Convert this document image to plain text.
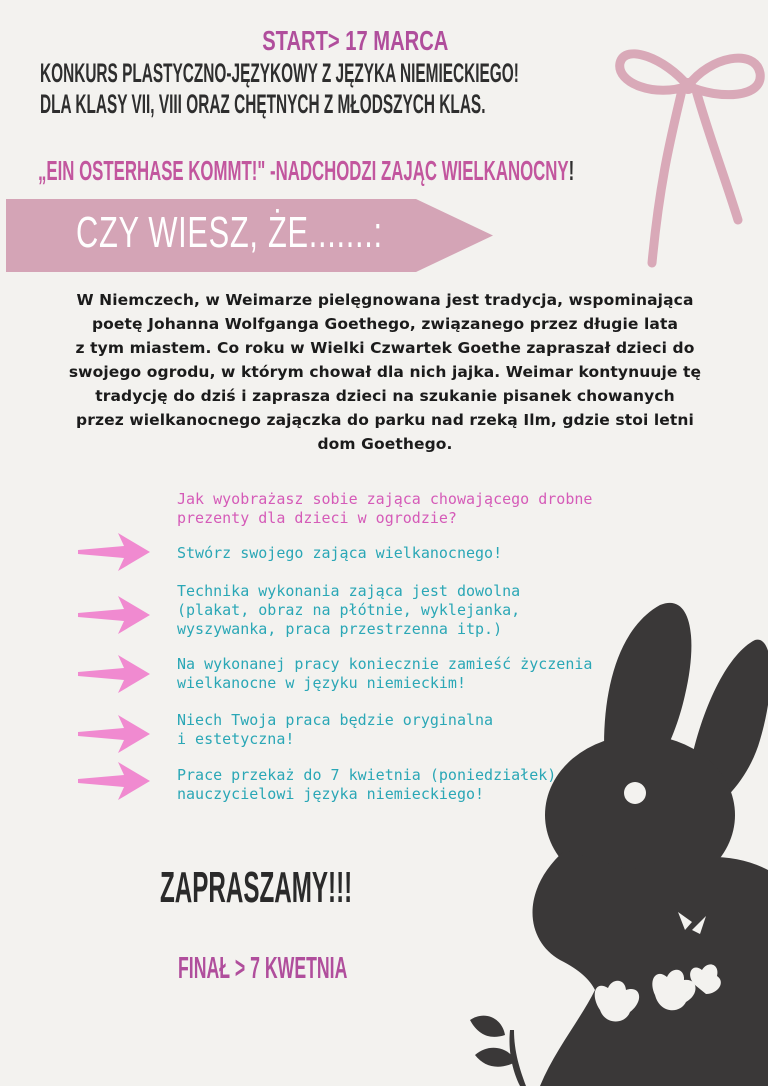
START> 17 MARCA
KONKURS PLASTYCZNO-JĘZYKOWY Z JĘZYKA NIEMIECKIEGO!
DLA KLASY VII, VIII ORAZ CHĘTNYCH Z MŁODSZYCH KLAS.
„EIN OSTERHASE KOMMT!" -NADCHODZI ZAJĄC WIELKANOCNY!
CZY WIESZ, ŻE.......:
W Niemczech, w Weimarze pielęgnowana jest tradycja, wspominająca
poetę Johanna Wolfganga Goethego, związanego przez długie lata
z tym miastem. Co roku w Wielki Czwartek Goethe zapraszał dzieci do
swojego ogrodu, w którym chował dla nich jajka. Weimar kontynuuje tę
tradycję do dziś i zaprasza dzieci na szukanie pisanek chowanych
przez wielkanocnego zajączka do parku nad rzeką Ilm, gdzie stoi letni
dom Goethego.
Jak wyobrażasz sobie zająca chowającego drobne
prezenty dla dzieci w ogrodzie?
Stwórz swojego zająca wielkanocnego!
Technika wykonania zająca jest dowolna
(plakat, obraz na płótnie, wyklejanka,
wyszywanka, praca przestrzenna itp.)
Na wykonanej pracy koniecznie zamieść życzenia
wielkanocne w języku niemieckim!
Niech Twoja praca będzie oryginalna
i estetyczna!
Prace przekaż do 7 kwietnia (poniedziałek)
nauczycielowi języka niemieckiego!
ZAPRASZAMY!!!
FINAŁ > 7 KWETNIA
